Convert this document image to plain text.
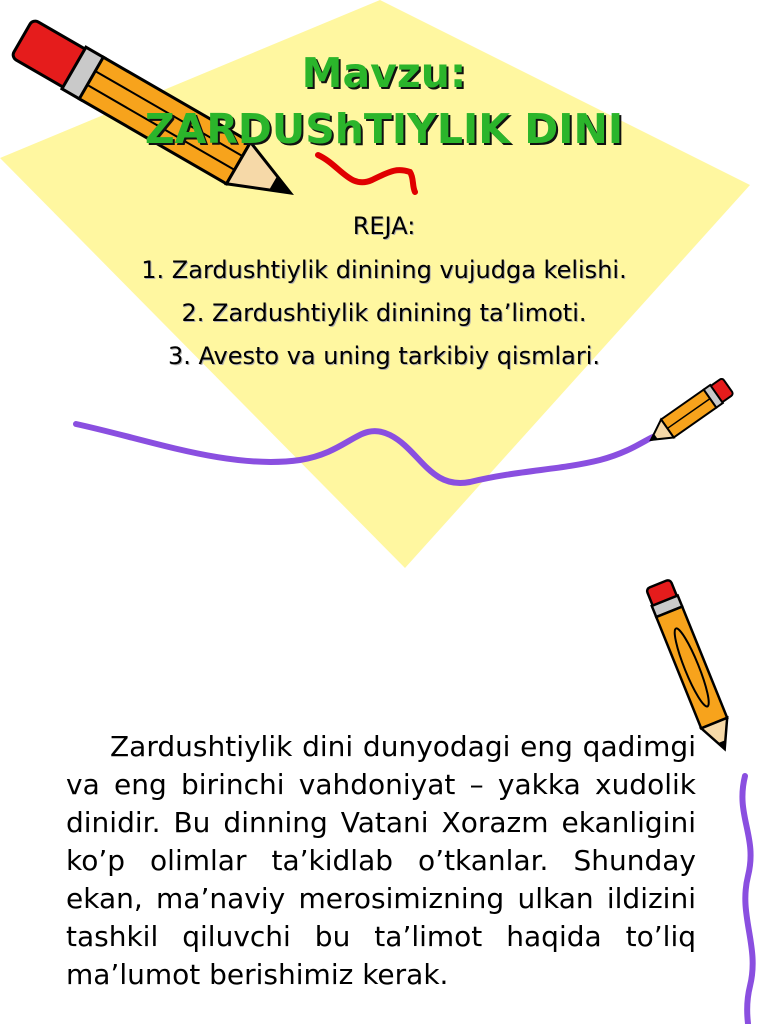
Mavzu:
ZARDUShTIYLIK DINI

REJA:

1. Zardushtiylik dinining vujudga kelishi.

2. Zardushtiylik dinining ta’limoti.

3. Avesto va uning tarkibiy qismlari.

Zardushtiylik dini dunyodagi eng qadimgi va eng birinchi vahdoniyat – yakka xudolik dinidir. Bu dinning Vatani Xorazm ekanligini ko’p olimlar ta’kidlab o’tkanlar. Shunday ekan, ma’naviy merosimizning ulkan ildizini tashkil qiluvchi bu ta’limot haqida to’liq ma’lumot berishimiz kerak.
